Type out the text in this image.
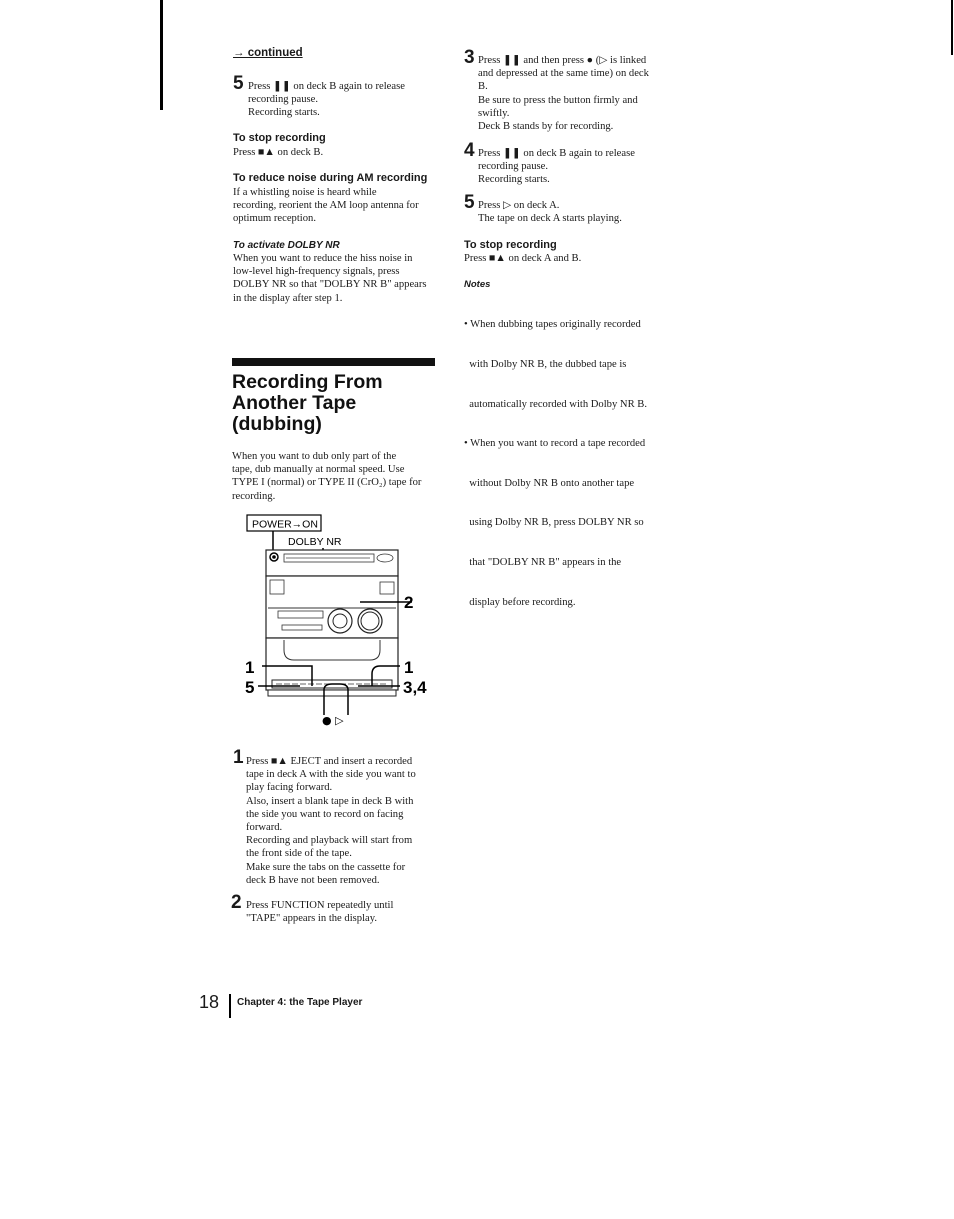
→ continued
5 Press ❚❚ on deck B again to release

recording pause.

Recording starts.

To stop recording
Press ■▲ on deck B.
To reduce noise during AM recording

If a whistling noise is heard while

recording, reorient the AM loop antenna for

optimum reception.

To activate DOLBY NR

When you want to reduce the hiss noise in

low-level high-frequency signals, press

DOLBY NR so that "DOLBY NR B" appears

in the display after step 1.

Recording From

Another Tape

(dubbing)

When you want to dub only part of the

tape, dub manually at normal speed. Use

TYPE I (normal) or TYPE II (CrO₂) tape for

recording.

POWER→ON
DOLBY NR
2
1	1
5	3,4
● ▷
1 Press ■▲ EJECT and insert a recorded

tape in deck A with the side you want to

play facing forward.

Also, insert a blank tape in deck B with

the side you want to record on facing

forward.

Recording and playback will start from

the front side of the tape.

Make sure the tabs on the cassette for

deck B have not been removed.

2 Press FUNCTION repeatedly until

"TAPE" appears in the display.

3 Press ❚❚ and then press ● (▷ is linked

and depressed at the same time) on deck

B.

Be sure to press the button firmly and

swiftly.

Deck B stands by for recording.

4 Press ❚❚ on deck B again to release

recording pause.

Recording starts.

5 Press ▷ on deck A.

The tape on deck A starts playing.

To stop recording
Press ■▲ on deck A and B.
Notes

• When dubbing tapes originally recorded

with Dolby NR B, the dubbed tape is

automatically recorded with Dolby NR B.

• When you want to record a tape recorded

without Dolby NR B onto another tape

using Dolby NR B, press DOLBY NR so

that "DOLBY NR B" appears in the

display before recording.

18 Chapter 4: the Tape Player
